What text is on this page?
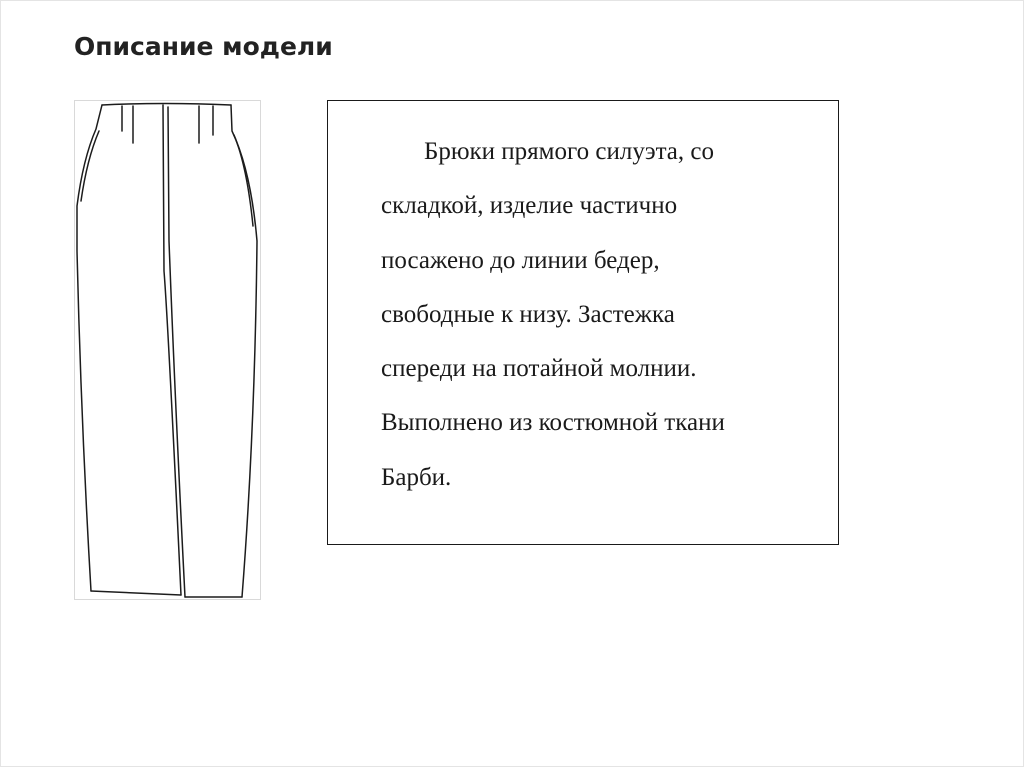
Описание модели

Брюки прямого силуэта, со
складкой, изделие частично
посажено до линии бедер,
свободные к низу. Застежка
спереди на потайной молнии.
Выполнено из костюмной ткани
Барби.
